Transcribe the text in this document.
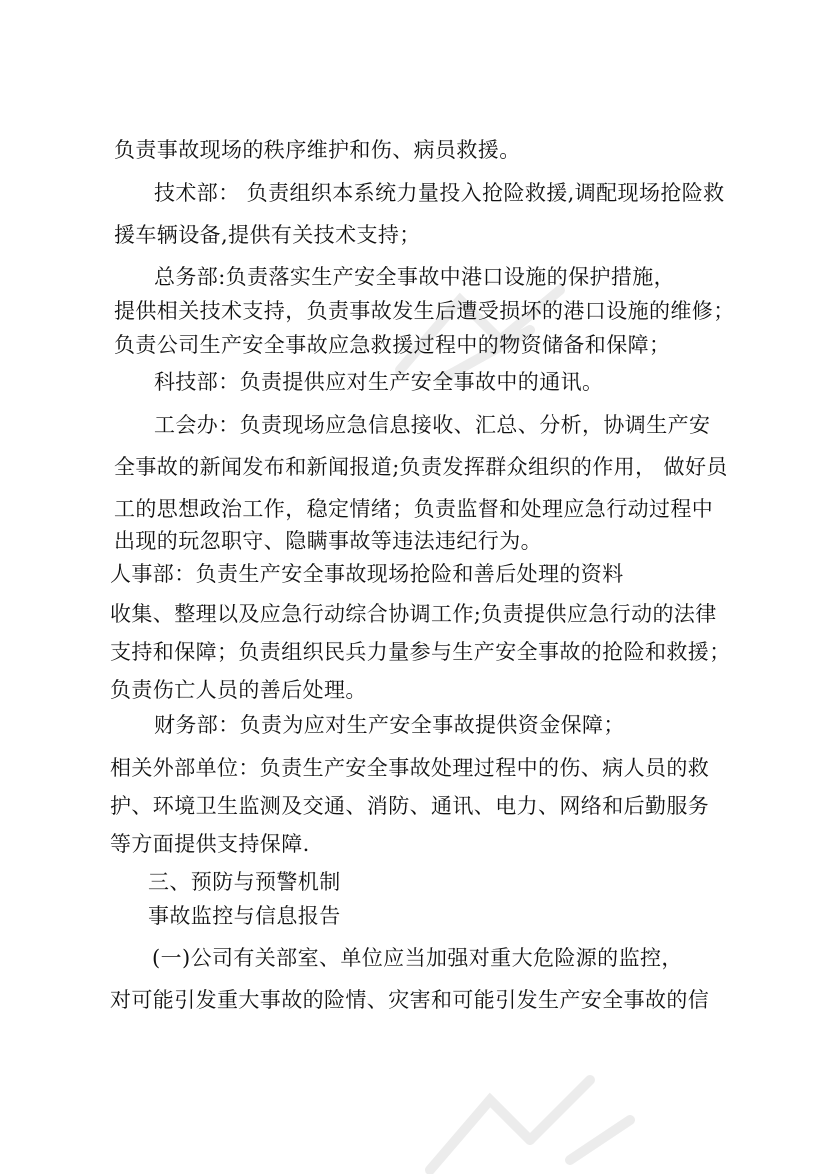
负责事故现场的秩序维护和伤、病员救援。
技术部： 负责组织本系统力量投入抢险救援,调配现场抢险救
援车辆设备,提供有关技术支持；
总务部:负责落实生产安全事故中港口设施的保护措施，
提供相关技术支持，负责事故发生后遭受损坏的港口设施的维修；
负责公司生产安全事故应急救援过程中的物资储备和保障；
科技部：负责提供应对生产安全事故中的通讯。
工会办：负责现场应急信息接收、汇总、分析，协调生产安
全事故的新闻发布和新闻报道;负责发挥群众组织的作用， 做好员
工的思想政治工作，稳定情绪；负责监督和处理应急行动过程中
出现的玩忽职守、隐瞒事故等违法违纪行为。
人事部：负责生产安全事故现场抢险和善后处理的资料
收集、整理以及应急行动综合协调工作;负责提供应急行动的法律
支持和保障；负责组织民兵力量参与生产安全事故的抢险和救援；
负责伤亡人员的善后处理。
财务部：负责为应对生产安全事故提供资金保障；
相关外部单位：负责生产安全事故处理过程中的伤、病人员的救
护、环境卫生监测及交通、消防、通讯、电力、网络和后勤服务
等方面提供支持保障.
三、预防与预警机制
事故监控与信息报告
(一)公司有关部室、单位应当加强对重大危险源的监控，
对可能引发重大事故的险情、灾害和可能引发生产安全事故的信
